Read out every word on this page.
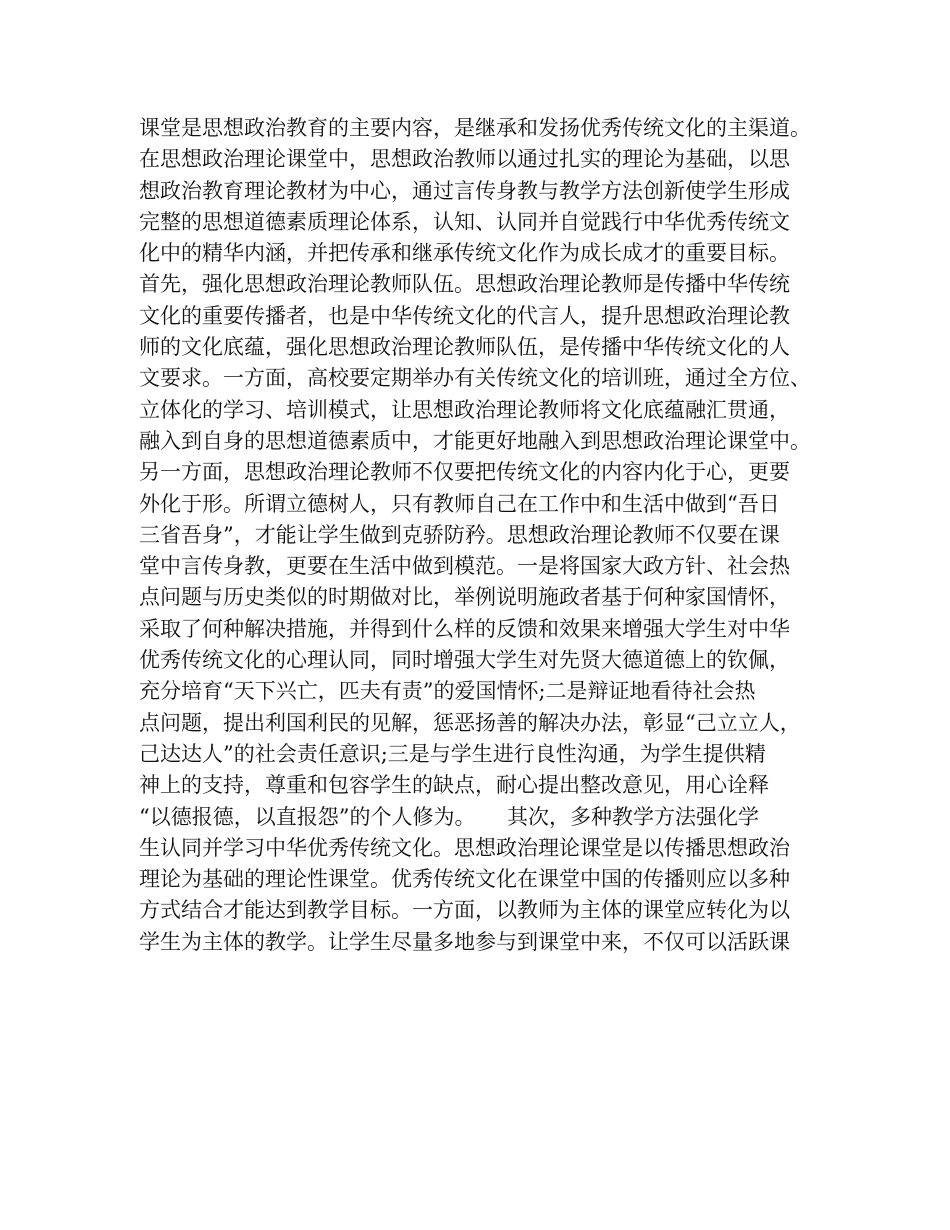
课堂是思想政治教育的主要内容，是继承和发扬优秀传统文化的主渠道。
在思想政治理论课堂中，思想政治教师以通过扎实的理论为基础，以思
想政治教育理论教材为中心，通过言传身教与教学方法创新使学生形成
完整的思想道德素质理论体系，认知、认同并自觉践行中华优秀传统文
化中的精华内涵，并把传承和继承传统文化作为成长成才的重要目标。
首先，强化思想政治理论教师队伍。思想政治理论教师是传播中华传统
文化的重要传播者，也是中华传统文化的代言人，提升思想政治理论教
师的文化底蕴，强化思想政治理论教师队伍，是传播中华传统文化的人
文要求。一方面，高校要定期举办有关传统文化的培训班，通过全方位、
立体化的学习、培训模式，让思想政治理论教师将文化底蕴融汇贯通，
融入到自身的思想道德素质中，才能更好地融入到思想政治理论课堂中。
另一方面，思想政治理论教师不仅要把传统文化的内容内化于心，更要
外化于形。所谓立德树人，只有教师自己在工作中和生活中做到“吾日
三省吾身”，才能让学生做到克骄防矜。思想政治理论教师不仅要在课
堂中言传身教，更要在生活中做到模范。一是将国家大政方针、社会热
点问题与历史类似的时期做对比，举例说明施政者基于何种家国情怀，
采取了何种解决措施，并得到什么样的反馈和效果来增强大学生对中华
优秀传统文化的心理认同，同时增强大学生对先贤大德道德上的钦佩，
充分培育“天下兴亡，匹夫有责”的爱国情怀;二是辩证地看待社会热
点问题，提出利国利民的见解，惩恶扬善的解决办法，彰显“己立立人，
己达达人”的社会责任意识;三是与学生进行良性沟通，为学生提供精
神上的支持，尊重和包容学生的缺点，耐心提出整改意见，用心诠释
“以德报德，以直报怨”的个人修为。　　其次，多种教学方法强化学
生认同并学习中华优秀传统文化。思想政治理论课堂是以传播思想政治
理论为基础的理论性课堂。优秀传统文化在课堂中国的传播则应以多种
方式结合才能达到教学目标。一方面，以教师为主体的课堂应转化为以
学生为主体的教学。让学生尽量多地参与到课堂中来，不仅可以活跃课
